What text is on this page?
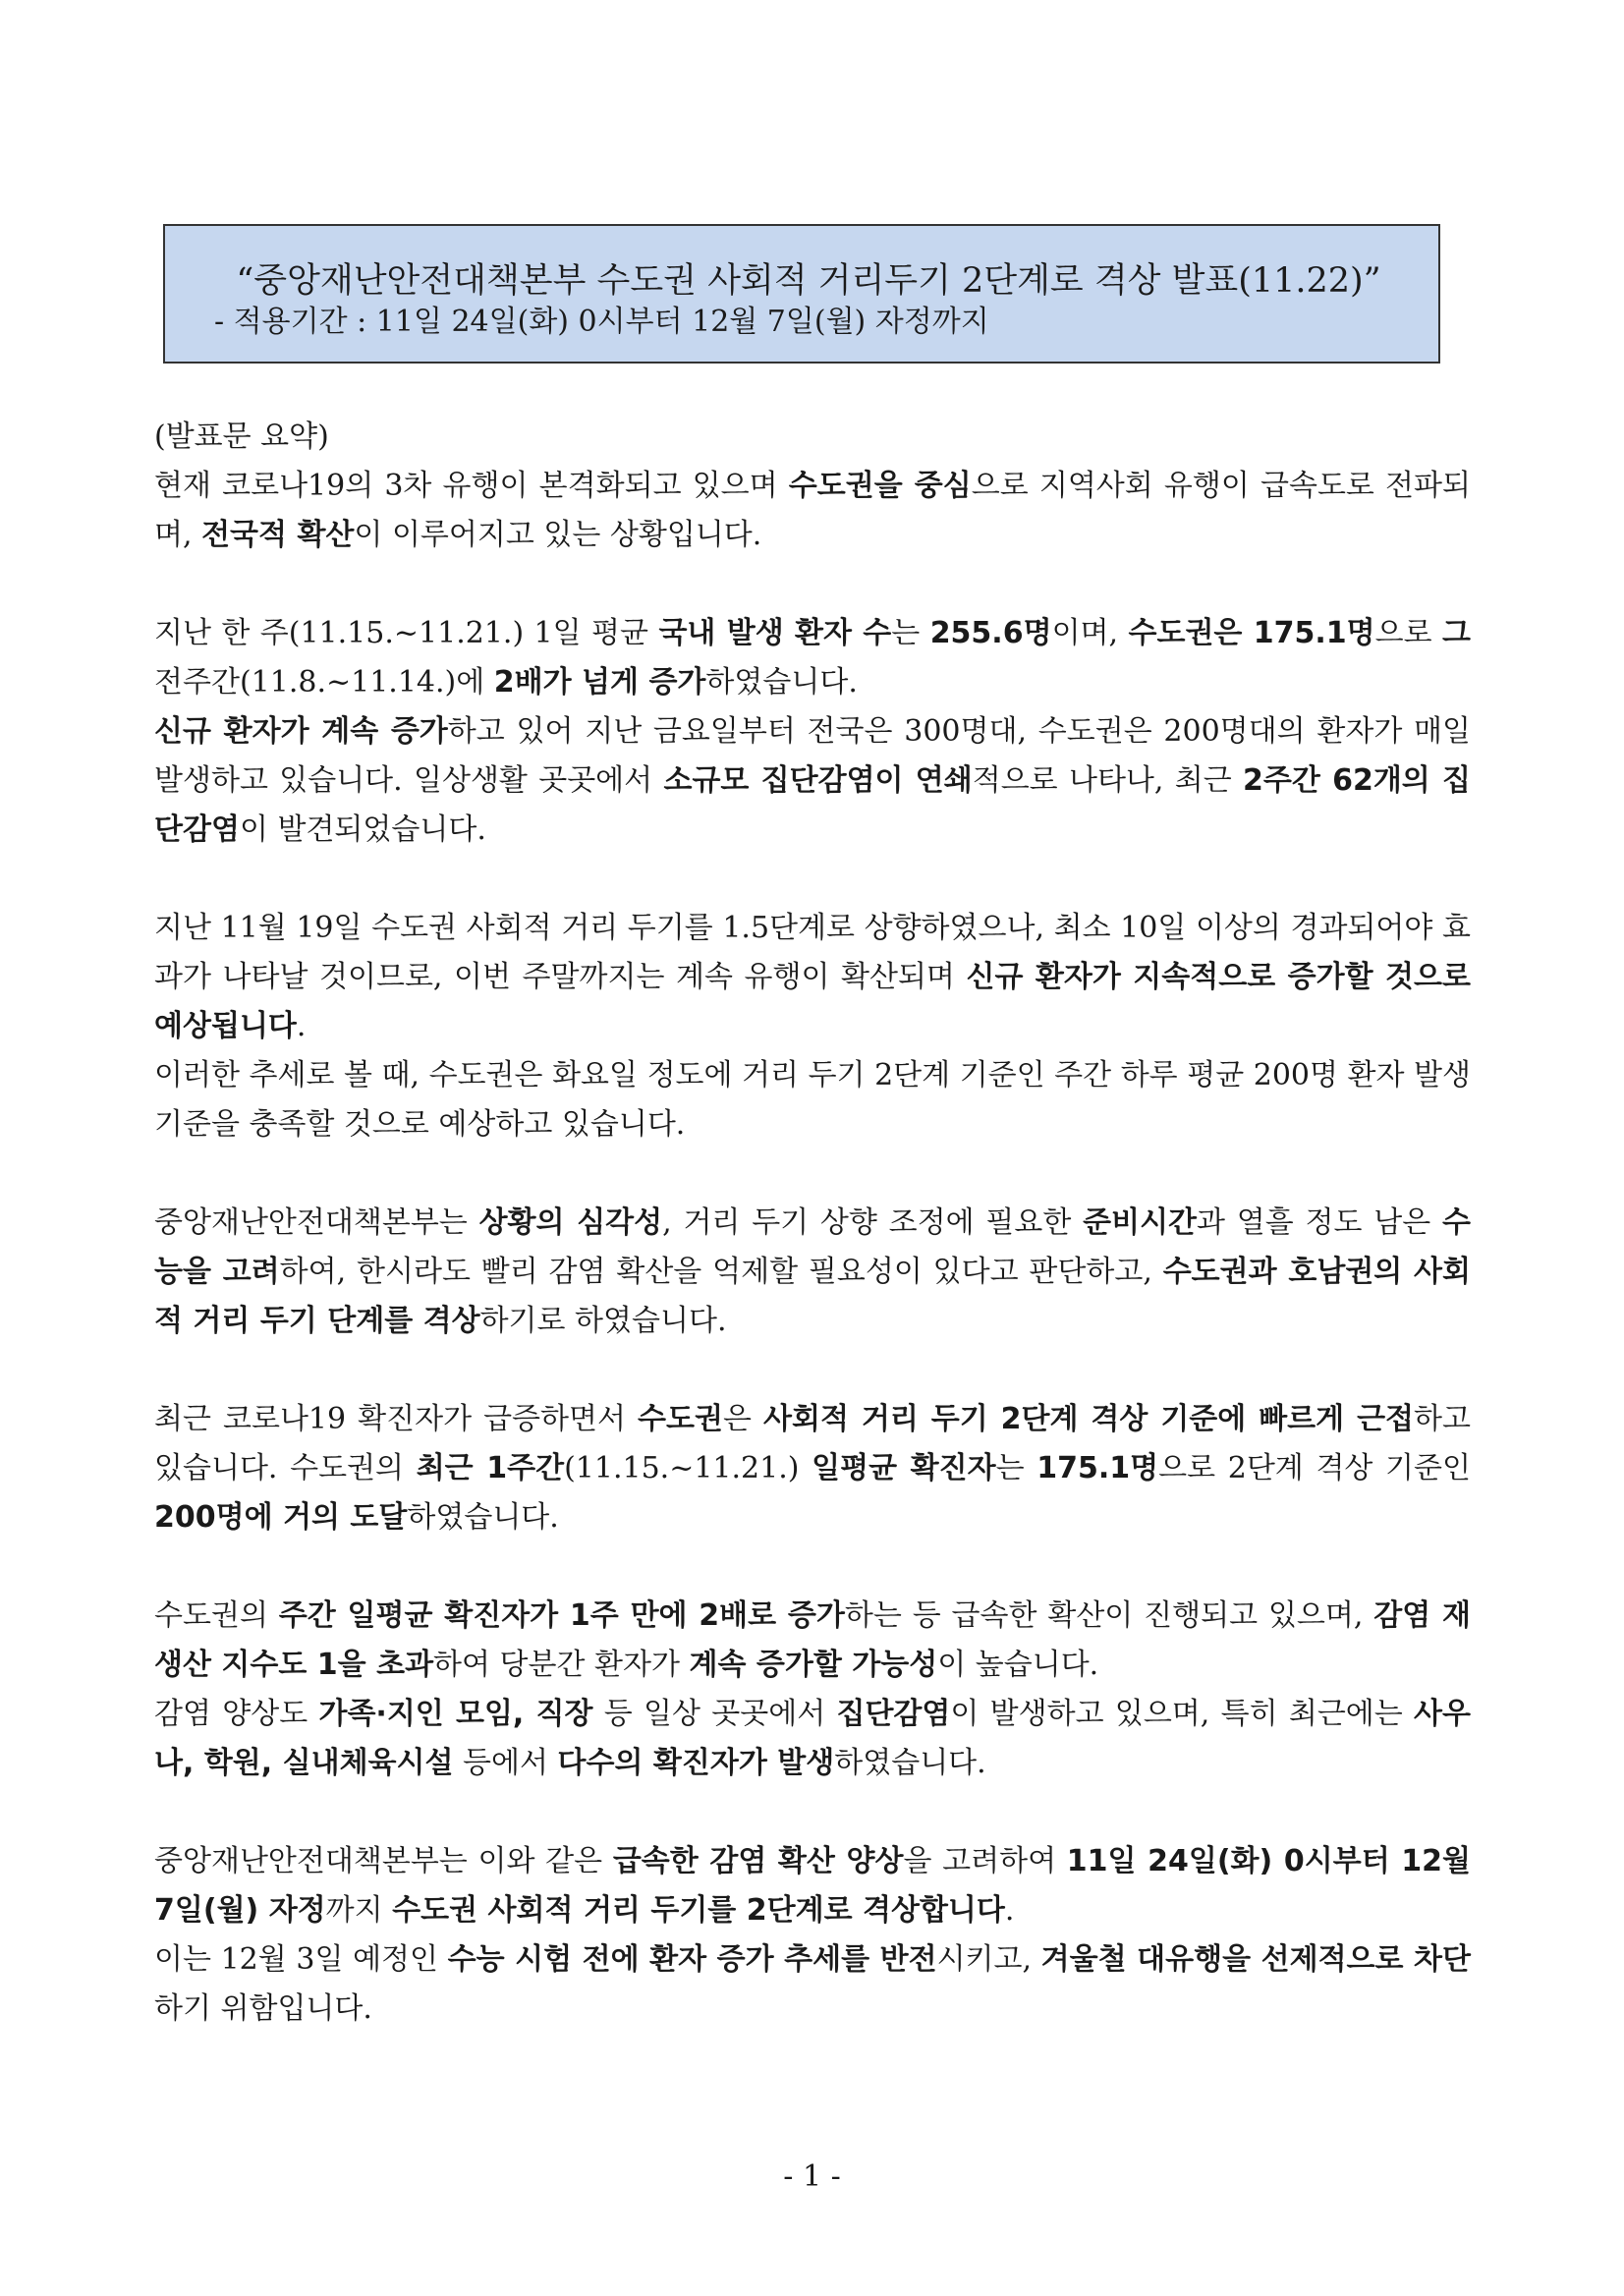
“중앙재난안전대책본부 수도권 사회적 거리두기 2단계로 격상 발표(11.22)”
- 적용기간 : 11일 24일(화) 0시부터 12월 7일(월) 자정까지

(발표문 요약)
현재 코로나19의 3차 유행이 본격화되고 있으며 수도권을 중심으로 지역사회 유행이 급속도로 전파되며, 전국적 확산이 이루어지고 있는 상황입니다.

지난 한 주(11.15.~11.21.) 1일 평균 국내 발생 환자 수는 255.6명이며, 수도권은 175.1명으로 그 전주간(11.8.~11.14.)에 2배가 넘게 증가하였습니다.
신규 환자가 계속 증가하고 있어 지난 금요일부터 전국은 300명대, 수도권은 200명대의 환자가 매일 발생하고 있습니다. 일상생활 곳곳에서 소규모 집단감염이 연쇄적으로 나타나, 최근 2주간 62개의 집단감염이 발견되었습니다.

지난 11월 19일 수도권 사회적 거리 두기를 1.5단계로 상향하였으나, 최소 10일 이상의 경과되어야 효과가 나타날 것이므로, 이번 주말까지는 계속 유행이 확산되며 신규 환자가 지속적으로 증가할 것으로 예상됩니다.
이러한 추세로 볼 때, 수도권은 화요일 정도에 거리 두기 2단계 기준인 주간 하루 평균 200명 환자 발생 기준을 충족할 것으로 예상하고 있습니다.

중앙재난안전대책본부는 상황의 심각성, 거리 두기 상향 조정에 필요한 준비시간과 열흘 정도 남은 수능을 고려하여, 한시라도 빨리 감염 확산을 억제할 필요성이 있다고 판단하고, 수도권과 호남권의 사회적 거리 두기 단계를 격상하기로 하였습니다.

최근 코로나19 확진자가 급증하면서 수도권은 사회적 거리 두기 2단계 격상 기준에 빠르게 근접하고 있습니다. 수도권의 최근 1주간(11.15.~11.21.) 일평균 확진자는 175.1명으로 2단계 격상 기준인 200명에 거의 도달하였습니다.

수도권의 주간 일평균 확진자가 1주 만에 2배로 증가하는 등 급속한 확산이 진행되고 있으며, 감염 재생산 지수도 1을 초과하여 당분간 환자가 계속 증가할 가능성이 높습니다.
감염 양상도 가족·지인 모임, 직장 등 일상 곳곳에서 집단감염이 발생하고 있으며, 특히 최근에는 사우나, 학원, 실내체육시설 등에서 다수의 확진자가 발생하였습니다.

중앙재난안전대책본부는 이와 같은 급속한 감염 확산 양상을 고려하여 11일 24일(화) 0시부터 12월 7일(월) 자정까지 수도권 사회적 거리 두기를 2단계로 격상합니다.
이는 12월 3일 예정인 수능 시험 전에 환자 증가 추세를 반전시키고, 겨울철 대유행을 선제적으로 차단하기 위함입니다.

- 1 -
